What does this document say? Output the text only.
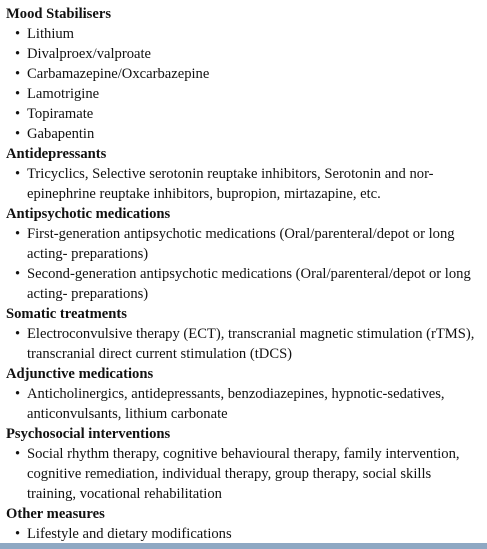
Mood Stabilisers
• Lithium
• Divalproex/valproate
• Carbamazepine/Oxcarbazepine
• Lamotrigine
• Topiramate
• Gabapentin
Antidepressants
• Tricyclics, Selective serotonin reuptake inhibitors, Serotonin and nor-epinephrine reuptake inhibitors, bupropion, mirtazapine, etc.
Antipsychotic medications
• First-generation antipsychotic medications (Oral/parenteral/depot or long acting- preparations)
• Second-generation antipsychotic medications (Oral/parenteral/depot or long acting- preparations)
Somatic treatments
• Electroconvulsive therapy (ECT), transcranial magnetic stimulation (rTMS), transcranial direct current stimulation (tDCS)
Adjunctive medications
• Anticholinergics, antidepressants, benzodiazepines, hypnotic-sedatives, anticonvulsants, lithium carbonate
Psychosocial interventions
• Social rhythm therapy, cognitive behavioural therapy, family intervention, cognitive remediation, individual therapy, group therapy, social skills training, vocational rehabilitation
Other measures
• Lifestyle and dietary modifications
